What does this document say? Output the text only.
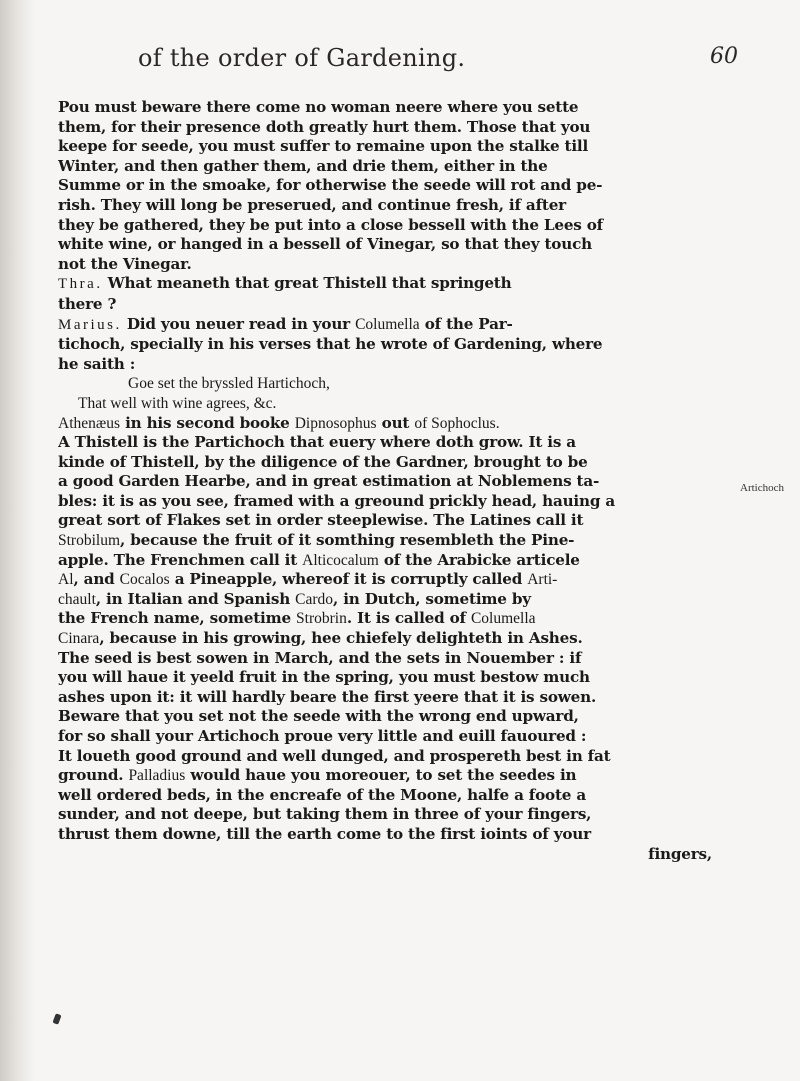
of the order of Gardening.	60
Pou must beware there come no woman neere where you sette
them, for their presence doth greatly hurt them. Those that you
keepe for seede, you must suffer to remaine upon the stalke till
Winter, and then gather them, and drie them, either in the
Summe or in the smoake, for otherwise the seede will rot and pe-
rish. They will long be preserued, and continue fresh, if after
they be gathered, they be put into a close bessell with the Lees of
white wine, or hanged in a bessell of Vinegar, so that they touch
not the Vinegar.
Thra. What meaneth that great Thistell that springeth
there ?
Marius. Did you neuer read in your Columella of the Par-
tichoch, specially in his verses that he wrote of Gardening, where
he saith :
Goe set the bryssled Hartichoch,
That well with wine agrees, &c.
Athenæus in his second booke Dipnosophus out of Sophoclus.
A Thistell is the Partichoch that euery where doth grow. It is a
kinde of Thistell, by the diligence of the Gardner, brought to be
a good Garden Hearbe, and in great estimation at Noblemens ta-
bles: it is as you see, framed with a greound prickly head, hauing a
great sort of Flakes set in order steeplewise. The Latines call it
Strobilum, because the fruit of it somthing resembleth the Pine-
apple. The Frenchmen call it Alticocalum of the Arabicke articele
Al, and Cocalos a Pineapple, whereof it is corruptly called Arti-
chault, in Italian and Spanish Cardo, in Dutch, sometime by
the French name, sometime Strobrin. It is called of Columella
Cinara, because in his growing, hee chiefely delighteth in Ashes.
The seed is best sowen in March, and the sets in Nouember : if
you will haue it yeeld fruit in the spring, you must bestow much
ashes upon it: it will hardly beare the first yeere that it is sowen.
Beware that you set not the seede with the wrong end upward,
for so shall your Artichoch proue very little and euill fauoured :
It loueth good ground and well dunged, and prospereth best in fat
ground. Palladius would haue you moreouer, to set the seedes in
well ordered beds, in the encreafe of the Moone, halfe a foote a
sunder, and not deepe, but taking them in three of your fingers,
thrust them downe, till the earth come to the first ioints of your
fingers,
Artichoch
